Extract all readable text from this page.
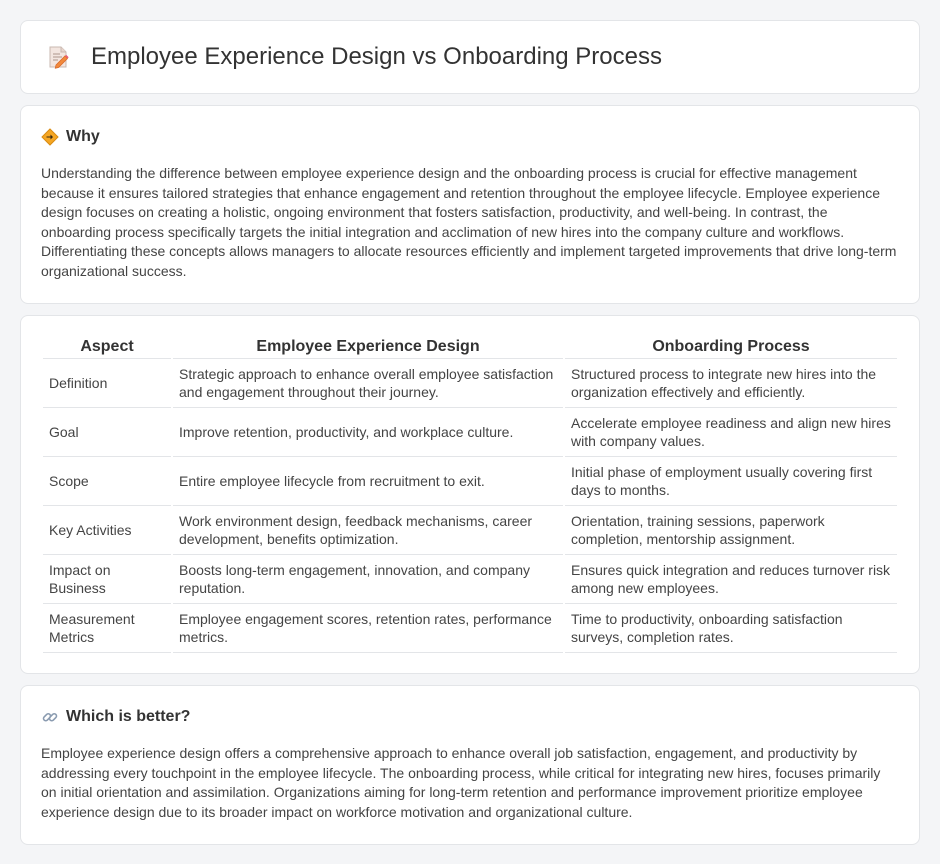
Employee Experience Design vs Onboarding Process
Why

Understanding the difference between employee experience design and the onboarding process is crucial for effective management because it ensures tailored strategies that enhance engagement and retention throughout the employee lifecycle. Employee experience design focuses on creating a holistic, ongoing environment that fosters satisfaction, productivity, and well-being. In contrast, the onboarding process specifically targets the initial integration and acclimation of new hires into the company culture and workflows. Differentiating these concepts allows managers to allocate resources efficiently and implement targeted improvements that drive long-term organizational success.

Aspect	Employee Experience Design	Onboarding Process
Definition	Strategic approach to enhance overall employee satisfaction and engagement throughout their journey.	Structured process to integrate new hires into the organization effectively and efficiently.
Goal	Improve retention, productivity, and workplace culture.	Accelerate employee readiness and align new hires with company values.
Scope	Entire employee lifecycle from recruitment to exit.	Initial phase of employment usually covering first days to months.
Key Activities	Work environment design, feedback mechanisms, career development, benefits optimization.	Orientation, training sessions, paperwork completion, mentorship assignment.
Impact on Business	Boosts long-term engagement, innovation, and company reputation.	Ensures quick integration and reduces turnover risk among new employees.
Measurement Metrics	Employee engagement scores, retention rates, performance metrics.	Time to productivity, onboarding satisfaction surveys, completion rates.
Which is better?

Employee experience design offers a comprehensive approach to enhance overall job satisfaction, engagement, and productivity by addressing every touchpoint in the employee lifecycle. The onboarding process, while critical for integrating new hires, focuses primarily on initial orientation and assimilation. Organizations aiming for long-term retention and performance improvement prioritize employee experience design due to its broader impact on workforce motivation and organizational culture.
